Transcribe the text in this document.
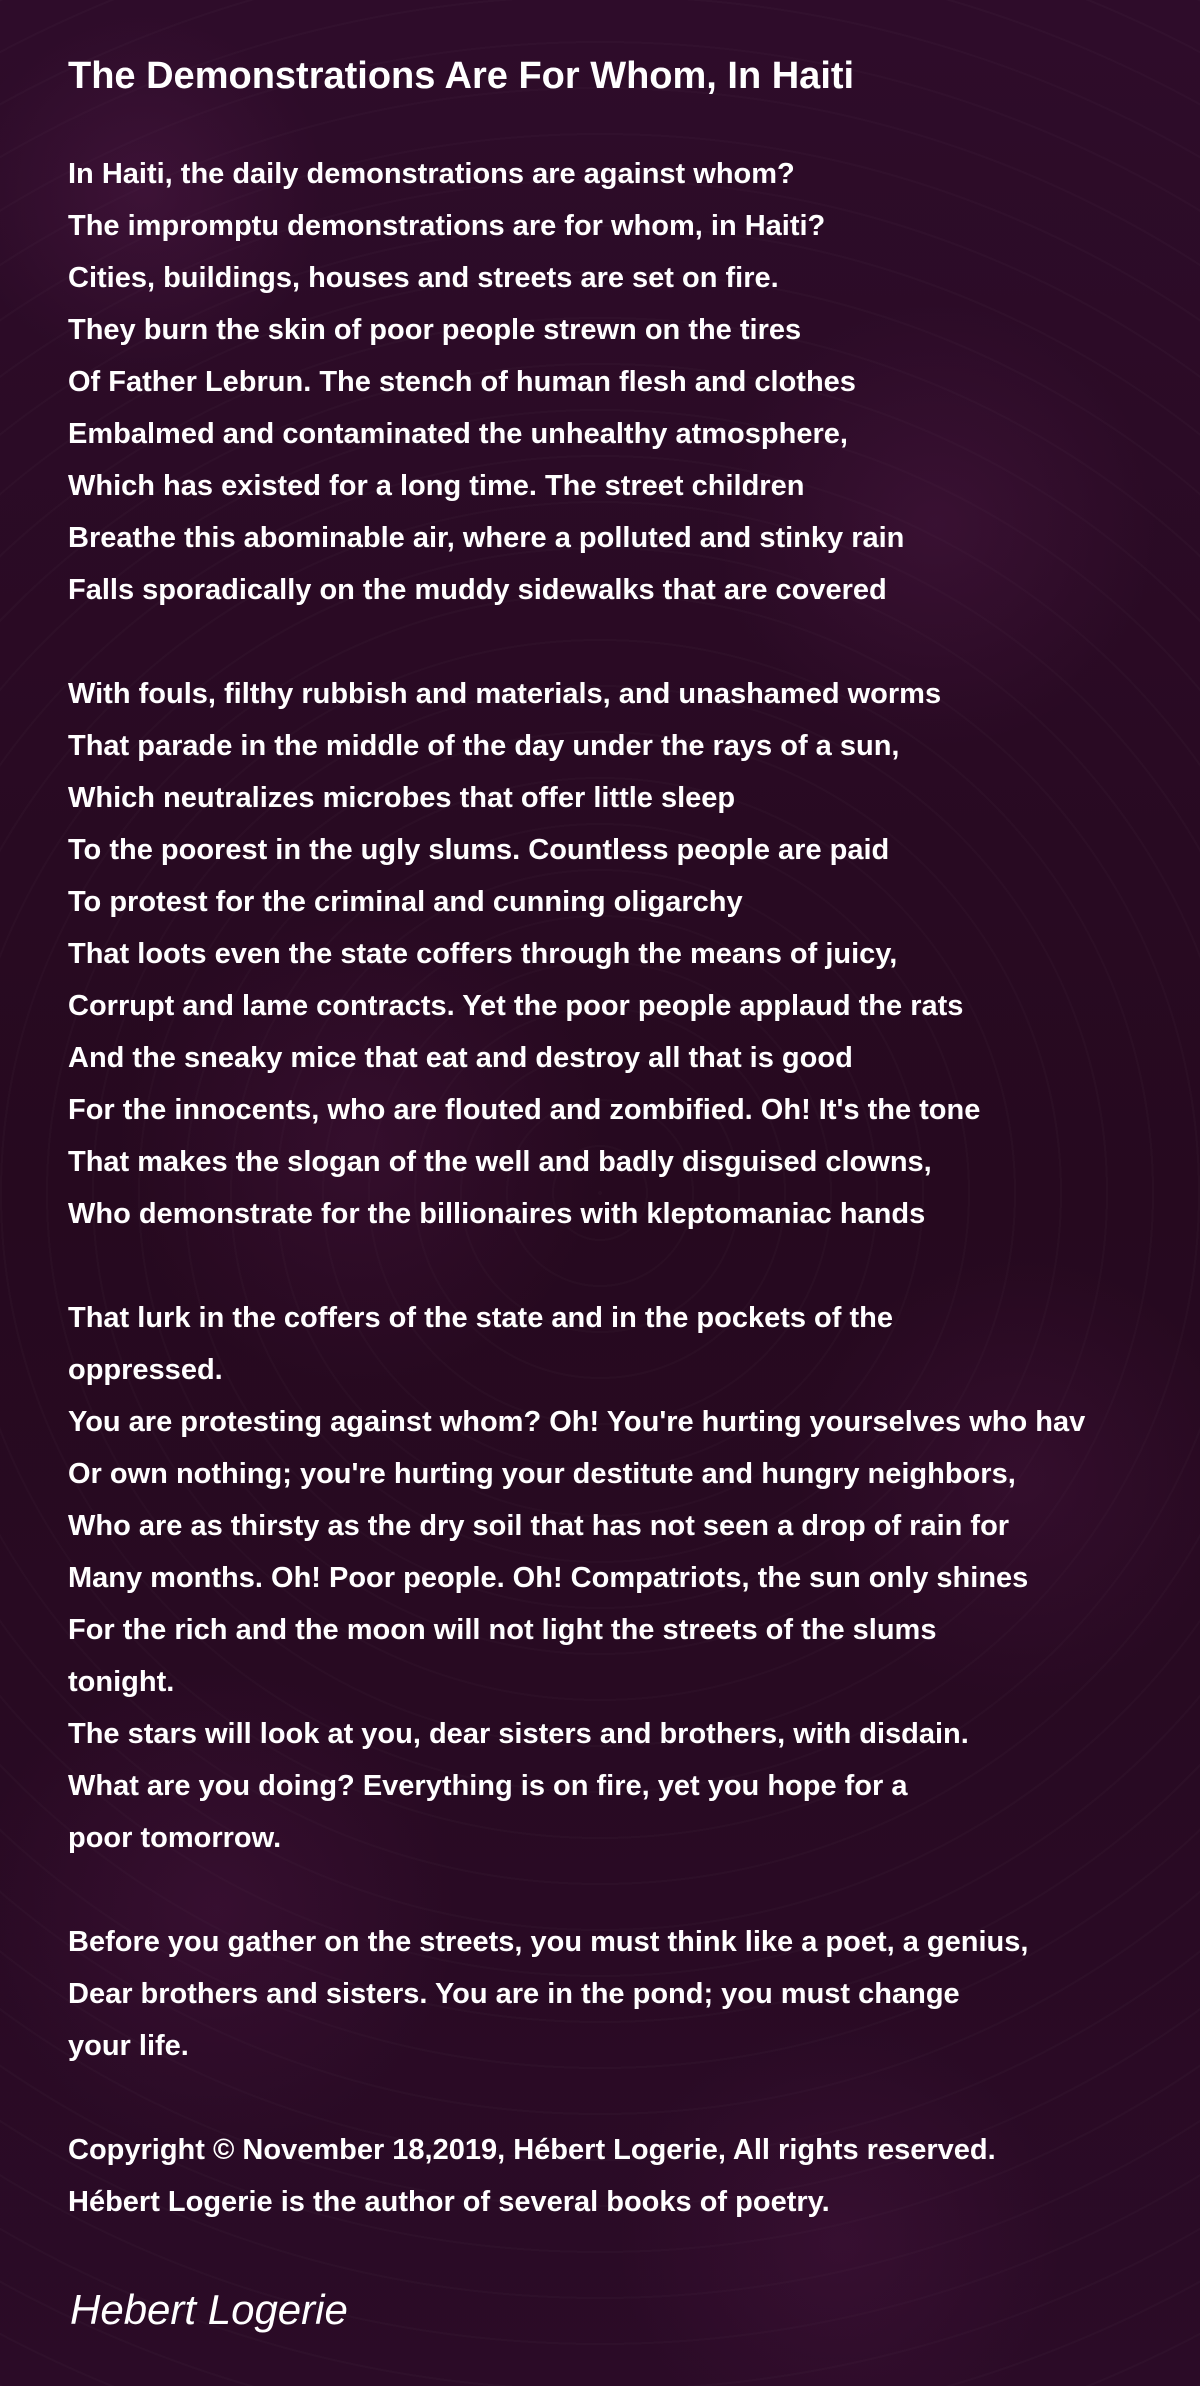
The Demonstrations Are For Whom, In Haiti
In Haiti, the daily demonstrations are against whom?
The impromptu demonstrations are for whom, in Haiti?
Cities, buildings, houses and streets are set on fire.
They burn the skin of poor people strewn on the tires
Of Father Lebrun. The stench of human flesh and clothes
Embalmed and contaminated the unhealthy atmosphere,
Which has existed for a long time. The street children
Breathe this abominable air, where a polluted and stinky rain
Falls sporadically on the muddy sidewalks that are covered
With fouls, filthy rubbish and materials, and unashamed worms
That parade in the middle of the day under the rays of a sun,
Which neutralizes microbes that offer little sleep
To the poorest in the ugly slums. Countless people are paid
To protest for the criminal and cunning oligarchy
That loots even the state coffers through the means of juicy,
Corrupt and lame contracts. Yet the poor people applaud the rats
And the sneaky mice that eat and destroy all that is good
For the innocents, who are flouted and zombified. Oh! It's the tone
That makes the slogan of the well and badly disguised clowns,
Who demonstrate for the billionaires with kleptomaniac hands
That lurk in the coffers of the state and in the pockets of the
oppressed.
You are protesting against whom? Oh! You're hurting yourselves who hav
Or own nothing; you're hurting your destitute and hungry neighbors,
Who are as thirsty as the dry soil that has not seen a drop of rain for
Many months. Oh! Poor people. Oh! Compatriots, the sun only shines
For the rich and the moon will not light the streets of the slums
tonight.
The stars will look at you, dear sisters and brothers, with disdain.
What are you doing? Everything is on fire, yet you hope for a
poor tomorrow.
Before you gather on the streets, you must think like a poet, a genius,
Dear brothers and sisters. You are in the pond; you must change
your life.
Copyright © November 18,2019, Hébert Logerie, All rights reserved.
Hébert Logerie is the author of several books of poetry.
Hebert Logerie
